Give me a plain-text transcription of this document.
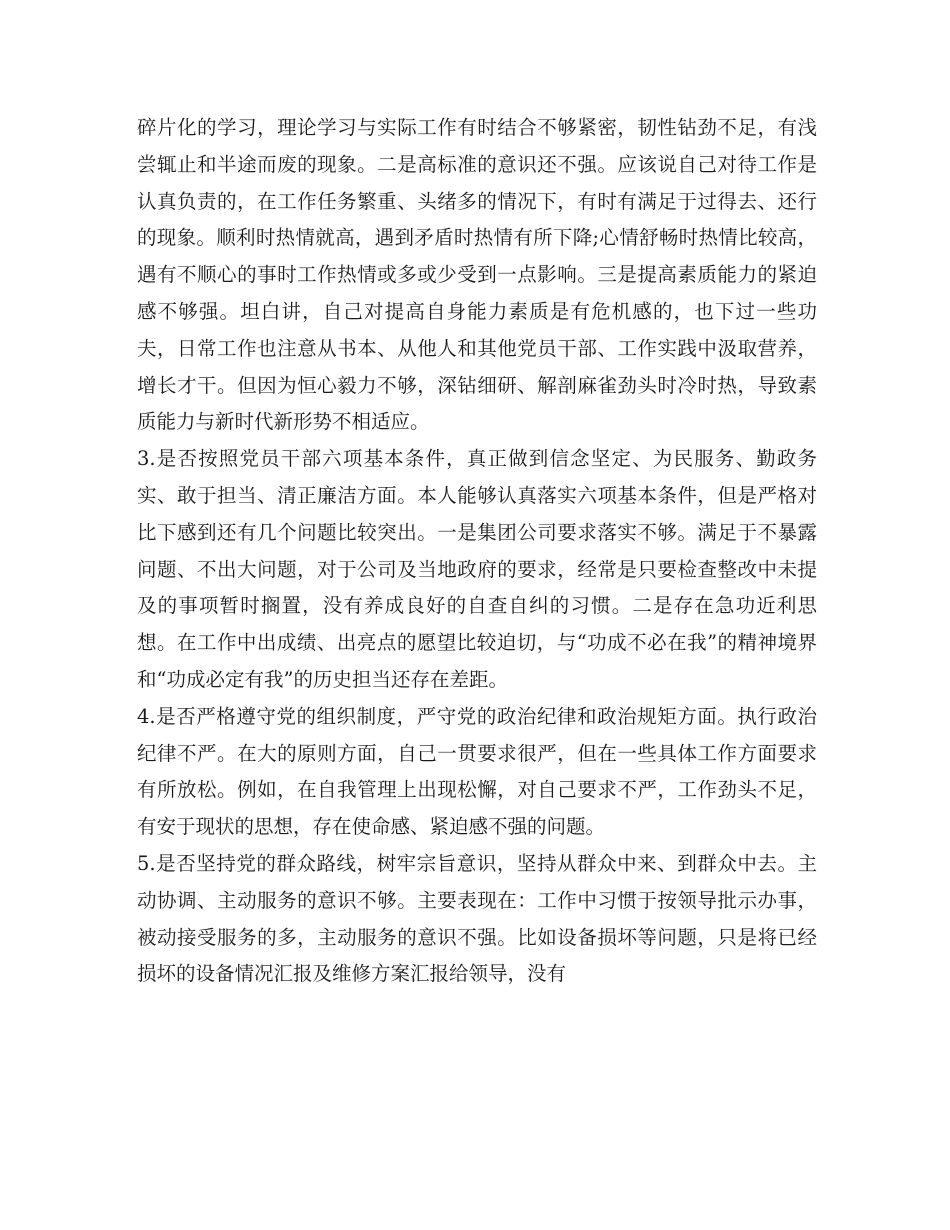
碎片化的学习，理论学习与实际工作有时结合不够紧密，韧性钻劲不足，有浅尝辄止和半途而废的现象。二是高标准的意识还不强。应该说自己对待工作是认真负责的，在工作任务繁重、头绪多的情况下，有时有满足于过得去、还行的现象。顺利时热情就高，遇到矛盾时热情有所下降;心情舒畅时热情比较高，遇有不顺心的事时工作热情或多或少受到一点影响。三是提高素质能力的紧迫感不够强。坦白讲，自己对提高自身能力素质是有危机感的，也下过一些功夫，日常工作也注意从书本、从他人和其他党员干部、工作实践中汲取营养，增长才干。但因为恒心毅力不够，深钻细研、解剖麻雀劲头时冷时热，导致素质能力与新时代新形势不相适应。

3.是否按照党员干部六项基本条件，真正做到信念坚定、为民服务、勤政务实、敢于担当、清正廉洁方面。本人能够认真落实六项基本条件，但是严格对比下感到还有几个问题比较突出。一是集团公司要求落实不够。满足于不暴露问题、不出大问题，对于公司及当地政府的要求，经常是只要检查整改中未提及的事项暂时搁置，没有养成良好的自查自纠的习惯。二是存在急功近利思想。在工作中出成绩、出亮点的愿望比较迫切，与“功成不必在我”的精神境界和“功成必定有我”的历史担当还存在差距。

4.是否严格遵守党的组织制度，严守党的政治纪律和政治规矩方面。执行政治纪律不严。在大的原则方面，自己一贯要求很严，但在一些具体工作方面要求有所放松。例如，在自我管理上出现松懈，对自己要求不严，工作劲头不足，有安于现状的思想，存在使命感、紧迫感不强的问题。

5.是否坚持党的群众路线，树牢宗旨意识，坚持从群众中来、到群众中去。主动协调、主动服务的意识不够。主要表现在：工作中习惯于按领导批示办事，被动接受服务的多，主动服务的意识不强。比如设备损坏等问题，只是将已经损坏的设备情况汇报及维修方案汇报给领导，没有
